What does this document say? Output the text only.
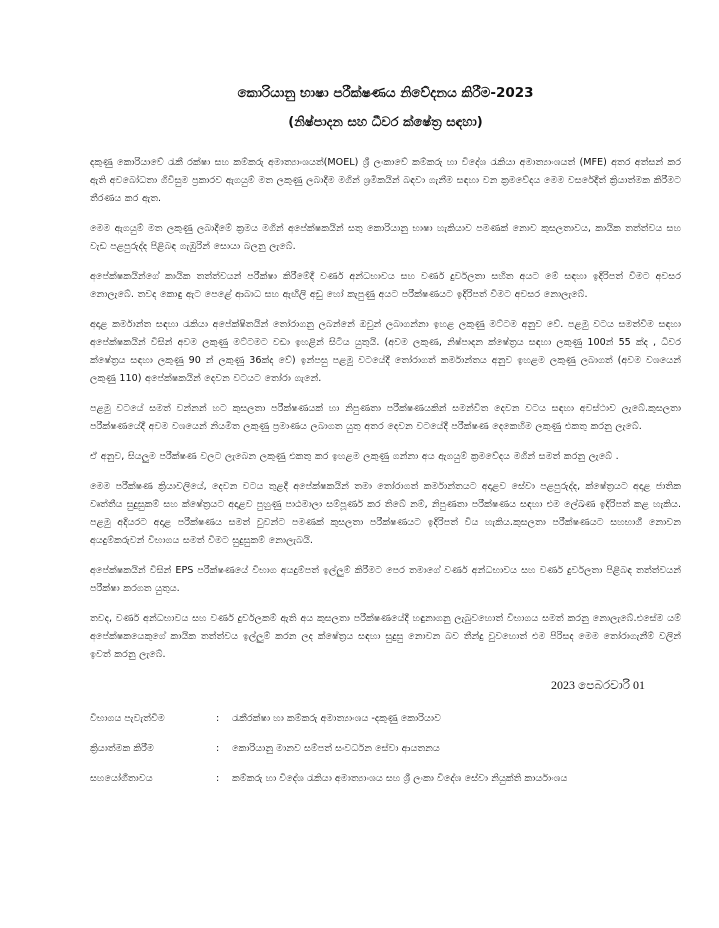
කොරියානු භාෂා පරීක්ෂණය නිවේදනය කිරීම-2023
(නිෂ්පාදන සහ ධීවර ක්ෂේත්‍ර සඳහා)

දකුණු කොරියාවේ රැකී රක්ෂා සහ කම්කරු අමාත්‍යාංශයත්(MOEL) ශ්‍රී ලංකාවේ කම්කරු හා විදේශ රැකියා අමාත්‍යාංශයත් (MFE) අතර අත්සන් කර ඇති අවබෝධතා ගිවිසුම ප්‍රකාරව ඇගයුම් මත ලකුණු ලබාදීම මගින් ශ්‍රමිකයින් බඳවා ගැනීම සඳහා වන ක්‍රමවේදය මෙම වසරේදීත් ක්‍රියාත්මක කිරීමට තීරණය කර ඇත.

මෙම ඇගයුම් මත ලකුණු ලබාදීමේ ක්‍රමය මගින් අපේක්ෂකයින් සතු කොරියානු භාෂා හැකියාව පමණක් නොව කුසලතාවය, කායික තත්ත්වය සහ වැඩ පළපුරුද්ද පිළිබඳ ගැඹුරින් සොයා බලනු ලැබේ.

අපේක්ෂකයින්ගේ කායික තත්ත්වයන් පරීක්ෂා කිරීමේදී වර්ණ අන්ධභාවය සහ වර්ණ දුර්වලතා සහිත අයට මේ සඳහා ඉදිරිපත් වීමට අවසර නොලැබේ. තවද කොඳු ඇට පෙළේ ආබාධ සහ ඇඟිලි අඩු හෝ කැපුණු අයට පරීක්ෂණයට ඉදිරිපත් වීමට අවසර නොලැබේ.

අදාළ කර්මාන්ත සඳහා රැකියා අපේක්ෂිතයින් තෝරාගනු ලබන්නේ ඔවුන් ලබාගන්නා ඉහළ ලකුණු මට්ටම අනුව වේ. පළමු වටය සමත්වීම සඳහා අපේක්ෂකයින් විසින් අවම ලකුණු මට්ටමට වඩා ඉහළින් සිටිය යුතුයි. (අවම ලකුණ, නිෂ්පාදන ක්ෂේත්‍රය සඳහා ලකුණු 100න් 55 ක්ද , ධීවර ක්ෂේත්‍රය සඳහා ලකුණු 90 න් ලකුණු 36ක්ද වේ) ඉන්පසු පළමු වටයේදී තෝරාගත් කර්මාන්තය අනුව ඉහළම ලකුණු ලබාගත් (අවම වශයෙන් ලකුණු 110) අපේක්ෂකයින් දෙවන වටයට තෝරා ගැනේ.

පළමු වටයේ සමත් වන්නන් හට කුසලතා පරීක්ෂණයක් හා නිපුණතා පරීක්ෂණයකින් සමන්විත දෙවන වටය සඳහා අවස්ථාව ලැබේ.කුසලතා පරීක්ෂණයේදී අවම වශයෙන් නියමිත ලකුණු ප්‍රමාණය ලබාගත යුතු අතර දෙවන වටයේදී පරීක්ෂණ දෙකෙහිම ලකුණු එකතු කරනු ලැබේ.

ඒ අනුව, සියලුම පරීක්ෂණ වලට ලැබෙන ලකුණු එකතු කර ඉහළම ලකුණු ගන්නා අය ඇගයුම් ක්‍රමවේදය මගින් සමත් කරනු ලැබේ .

මෙම පරීක්ෂණ ක්‍රියාවලියේ, දෙවන වටය තුළදී අපේක්ෂකයින් තමා තෝරාගත් කර්මාන්තයට අදාළව සේවා පළපුරුද්ද, ක්ෂේත්‍රයට අදාළ ජාතික වෘත්තීය සුදුසුකම් සහ ක්ෂේත්‍රයට අදාළව පුහුණු පාඨමාලා සම්පූර්ණ කර තිබේ නම්, නිපුණතා පරීක්ෂණය සඳහා එම ලේඛණ ඉදිරිපත් කළ හැකිය. පළමු අදියරට අදාළ පරීක්ෂණය සමත් වුවන්ට පමණක් කුසලතා පරීක්ෂණයට ඉදිරිපත් විය හැකිය.කුසලතා පරීක්ෂණයට සහභාගී නොවන අයදුම්කරුවන් විභාගය සමත් වීමට සුදුසුකම් නොලැබයි.

අපේක්ෂකයින් විසින් EPS පරීක්ෂණයේ විභාග අයදුම්පත් ඉල්ලුම් කිරීමට පෙර තමාගේ වර්ණ අන්ධභාවය සහ වර්ණ දුර්වලතා පිළිබඳ තත්ත්වයන් පරීක්ෂා කරගත යුතුය.

තවද, වර්ණ අන්ධභාවය සහ වර්ණ දුර්වලකම් ඇති අය කුසලතා පරීක්ෂණයේදී හඳුනාගනු ලැබුවහොත් විභාගය සමත් කරනු නොලැබේ.එසේම යම් අපේක්ෂකයෙකුගේ කායික තත්ත්වය ඉල්ලුම් කරන ලද ක්ෂේත්‍රය සඳහා සුදුසු නොවන බව තීන්දු වුවහොත් එම පිරිසද මෙම තෝරාගැනීම් වලින් ඉවත් කරනු ලැබේ.

2023 පෙබරවාරි 01
විභාගය පැවැත්වීම	:	රැකීරක්ෂා හා කම්කරු අමාත්‍යාංශය -දකුණු කොරියාව
ක්‍රියාත්මක කිරීම	:	කොරියානු මානව සම්පත් සංවර්ධන සේවා ආයතනය
සහයෝගීතාවය	:	කම්කරු හා විදේශ රැකියා අමාත්‍යාංශය සහ ශ්‍රී ලංකා විදේශ සේවා නියුක්ති කාර්යාංශය
